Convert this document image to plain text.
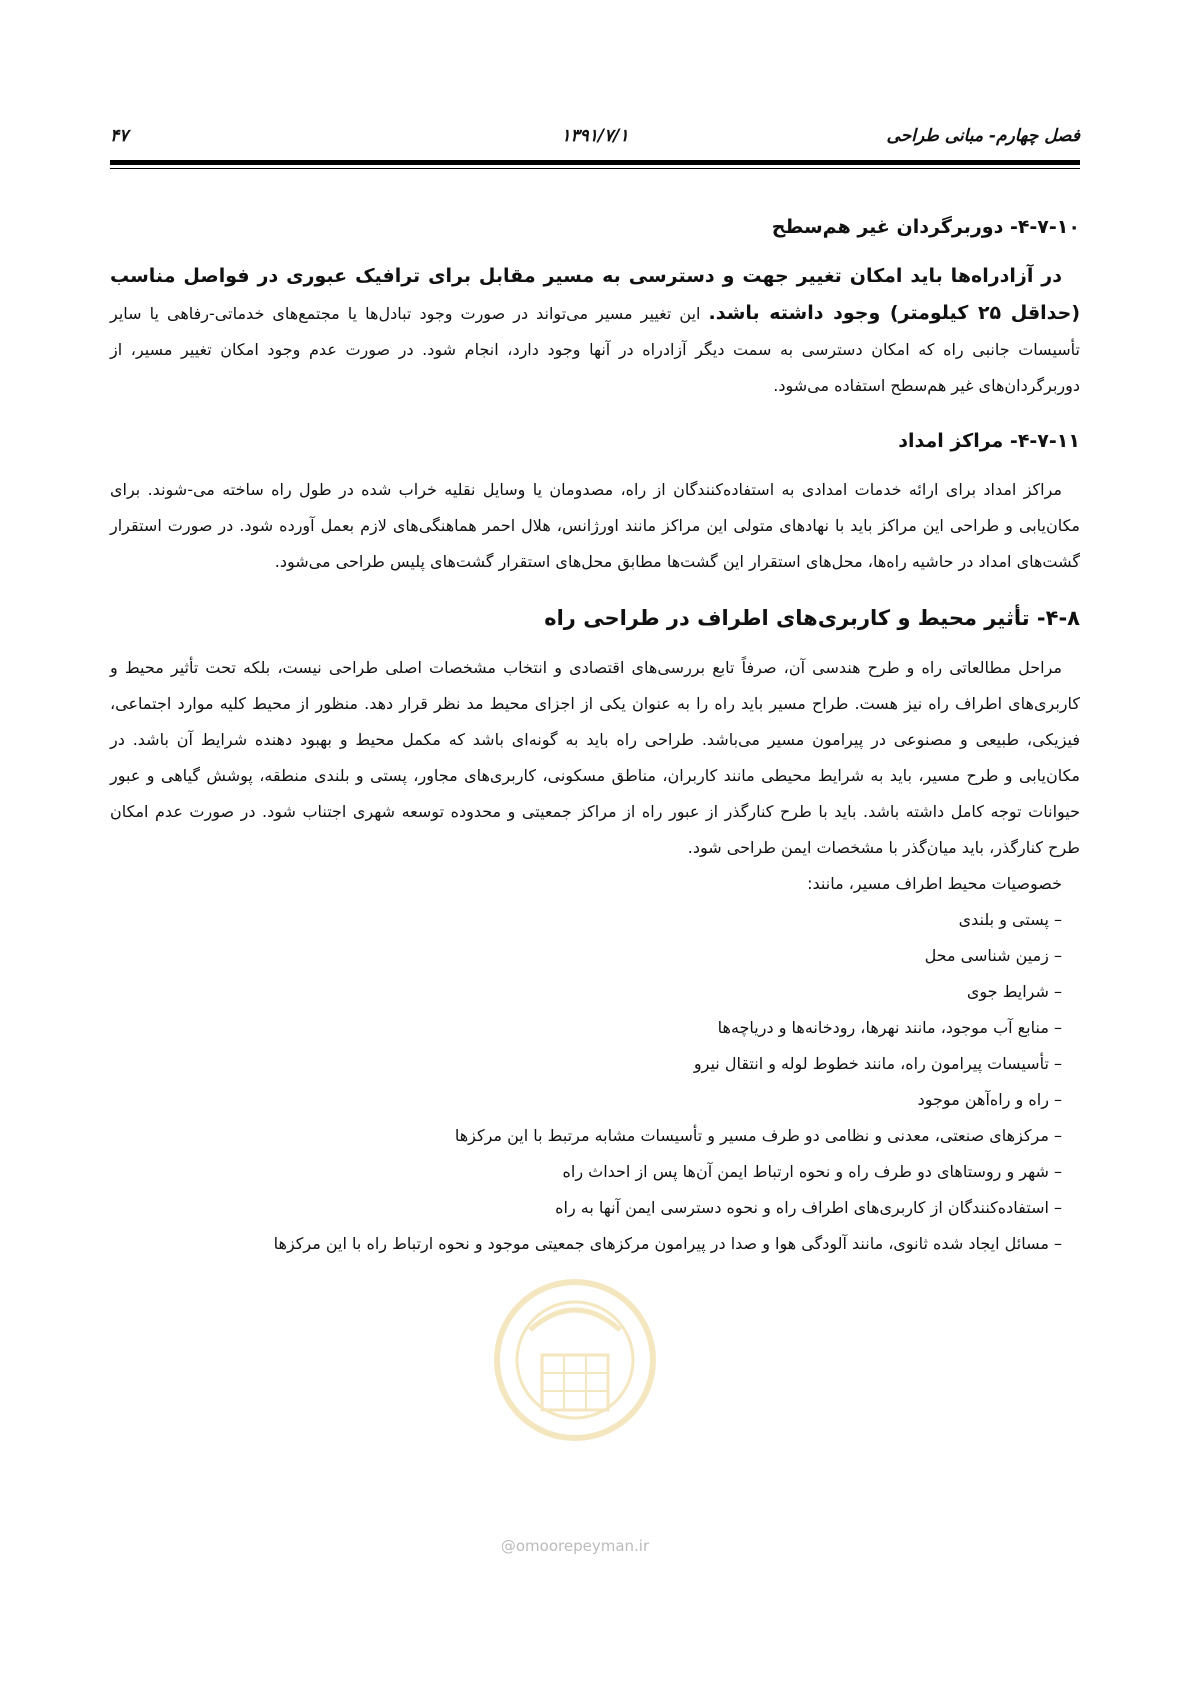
فصل چهارم- مبانی طراحی
۱۳۹۱/۷/۱
۴۷
۴-۷-۱۰- دوربرگردان غیر هم‌سطح

در آزادراه‌ها باید امکان تغییر جهت و دسترسی به مسیر مقابل برای ترافیک عبوری در فواصل مناسب (حداقل ۲۵ کیلومتر) وجود داشته باشد. این تغییر مسیر می‌تواند در صورت وجود تبادل‌ها یا مجتمع‌های خدماتی-رفاهی یا سایر تأسیسات جانبی راه که امکان دسترسی به سمت دیگر آزادراه در آنها وجود دارد، انجام شود. در صورت عدم وجود امکان تغییر مسیر، از دوربرگردان‌های غیر هم‌سطح استفاده می‌شود.

۴-۷-۱۱- مراکز امداد

مراکز امداد برای ارائه خدمات امدادی به استفاده‌کنندگان از راه، مصدومان یا وسایل نقلیه خراب شده در طول راه ساخته می-شوند. برای مکان‌یابی و طراحی این مراکز باید با نهادهای متولی این مراکز مانند اورژانس، هلال احمر هماهنگی‌های لازم بعمل آورده شود. در صورت استقرار گشت‌های امداد در حاشیه راه‌ها، محل‌های استقرار این گشت‌ها مطابق محل‌های استقرار گشت‌های پلیس طراحی می‌شود.

۴-۸- تأثیر محیط و کاربری‌های اطراف در طراحی راه

مراحل مطالعاتی راه و طرح هندسی آن، صرفاً تابع بررسی‌های اقتصادی و انتخاب مشخصات اصلی طراحی نیست، بلکه تحت تأثیر محیط و کاربری‌های اطراف راه نیز هست. طراح مسیر باید راه را به عنوان یکی از اجزای محیط مد نظر قرار دهد. منظور از محیط کلیه موارد اجتماعی، فیزیکی، طبیعی و مصنوعی در پیرامون مسیر می‌باشد. طراحی راه باید به گونه‌ای باشد که مکمل محیط و بهبود دهنده شرایط آن باشد. در مکان‌یابی و طرح مسیر، باید به شرایط محیطی مانند کاربران، مناطق مسکونی، کاربری‌های مجاور، پستی و بلندی منطقه، پوشش گیاهی و عبور حیوانات توجه کامل داشته باشد. باید با طرح کنارگذر از عبور راه از مراکز جمعیتی و محدوده توسعه شهری اجتناب شود. در صورت عدم امکان طرح کنارگذر، باید میان‌گذر با مشخصات ایمن طراحی شود.

خصوصیات محیط اطراف مسیر، مانند:

– پستی و بلندی
– زمین شناسی محل
– شرایط جوی
– منابع آب موجود، مانند نهرها، رودخانه‌ها و دریاچه‌ها
– تأسیسات پیرامون راه، مانند خطوط لوله و انتقال نیرو
– راه و راه‌آهن موجود
– مرکزهای صنعتی، معدنی و نظامی دو طرف مسیر و تأسیسات مشابه مرتبط با این مرکزها
– شهر و روستاهای دو طرف راه و نحوه ارتباط ایمن آن‌ها پس از احداث راه
– استفاده‌کنندگان از کاربری‌های اطراف راه و نحوه دسترسی ایمن آنها به راه
– مسائل ایجاد شده ثانوی، مانند آلودگی هوا و صدا در پیرامون مرکزهای جمعیتی موجود و نحوه ارتباط راه با این مرکزها
@omoorepeyman.ir
